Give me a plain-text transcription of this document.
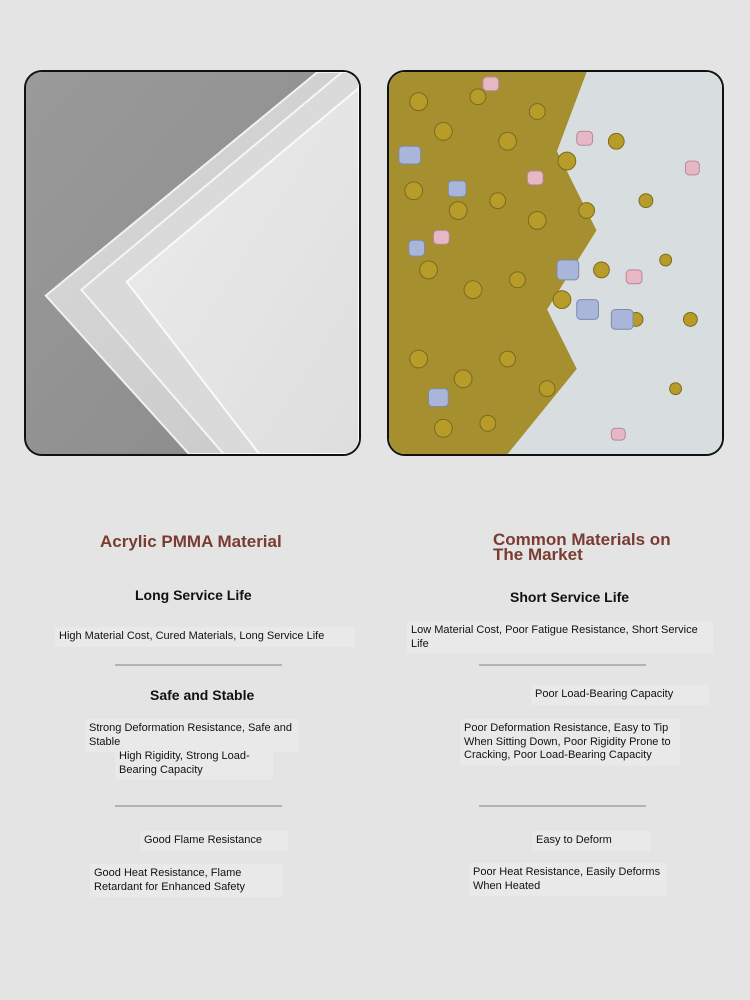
Acrylic PMMA Material
Long Service Life
High Material Cost, Cured Materials, Long Service Life
Safe and Stable
Strong Deformation Resistance, Safe and Stable
High Rigidity, Strong Load-Bearing Capacity
Good Flame Resistance
Good Heat Resistance, Flame Retardant for Enhanced Safety
Common Materials on The Market
Short Service Life
Low Material Cost, Poor Fatigue Resistance, Short Service Life
Poor Load-Bearing Capacity
Poor Deformation Resistance, Easy to Tip When Sitting Down, Poor Rigidity Prone to Cracking, Poor Load-Bearing Capacity
Easy to Deform
Poor Heat Resistance, Easily Deforms When Heated
